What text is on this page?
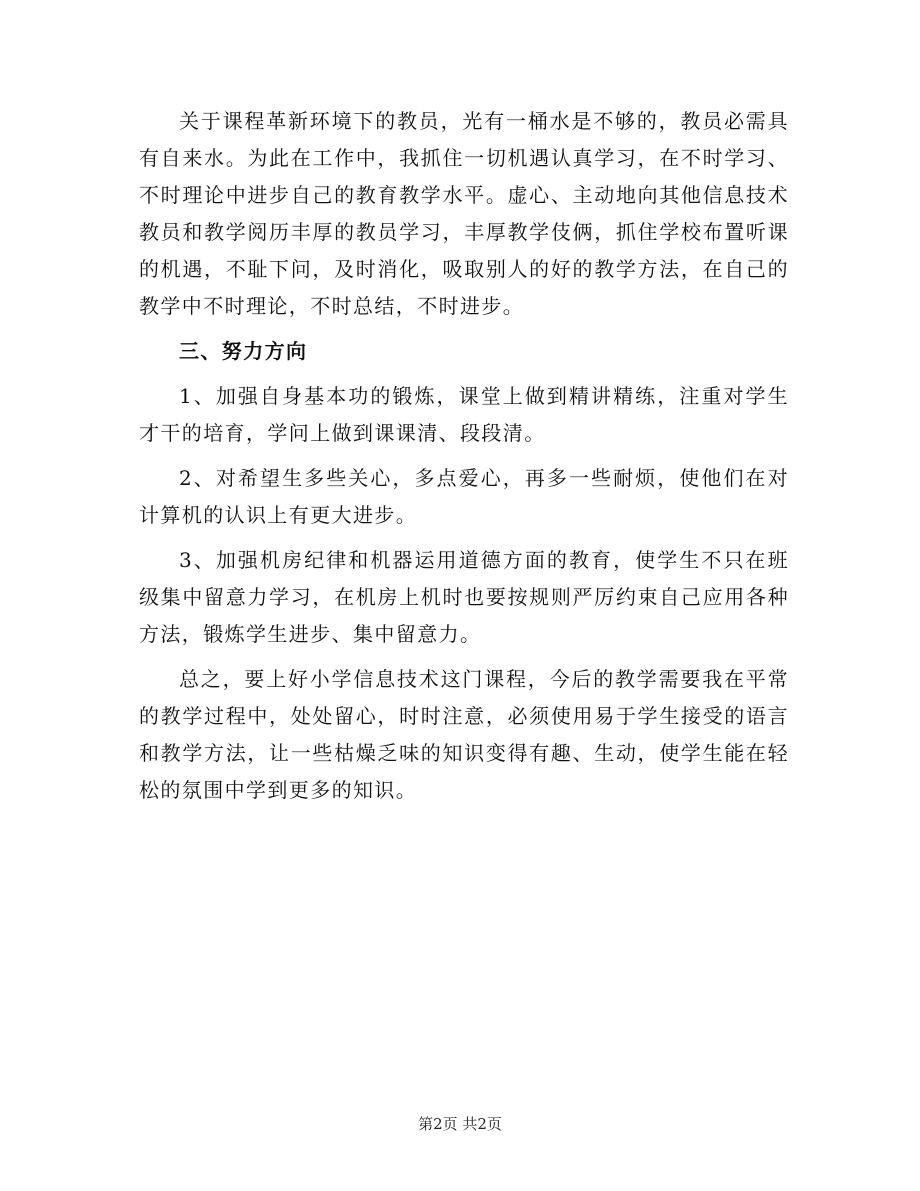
关于课程革新环境下的教员，光有一桶水是不够的，教员必需具有自来水。为此在工作中，我抓住一切机遇认真学习，在不时学习、不时理论中进步自己的教育教学水平。虚心、主动地向其他信息技术教员和教学阅历丰厚的教员学习，丰厚教学伎俩，抓住学校布置听课的机遇，不耻下问，及时消化，吸取别人的好的教学方法，在自己的教学中不时理论，不时总结，不时进步。

三、努力方向

1、加强自身基本功的锻炼，课堂上做到精讲精练，注重对学生才干的培育，学问上做到课课清、段段清。

2、对希望生多些关心，多点爱心，再多一些耐烦，使他们在对计算机的认识上有更大进步。

3、加强机房纪律和机器运用道德方面的教育，使学生不只在班级集中留意力学习，在机房上机时也要按规则严厉约束自己应用各种方法，锻炼学生进步、集中留意力。

总之，要上好小学信息技术这门课程，今后的教学需要我在平常的教学过程中，处处留心，时时注意，必须使用易于学生接受的语言和教学方法，让一些枯燥乏味的知识变得有趣、生动，使学生能在轻松的氛围中学到更多的知识。

第2页 共2页
